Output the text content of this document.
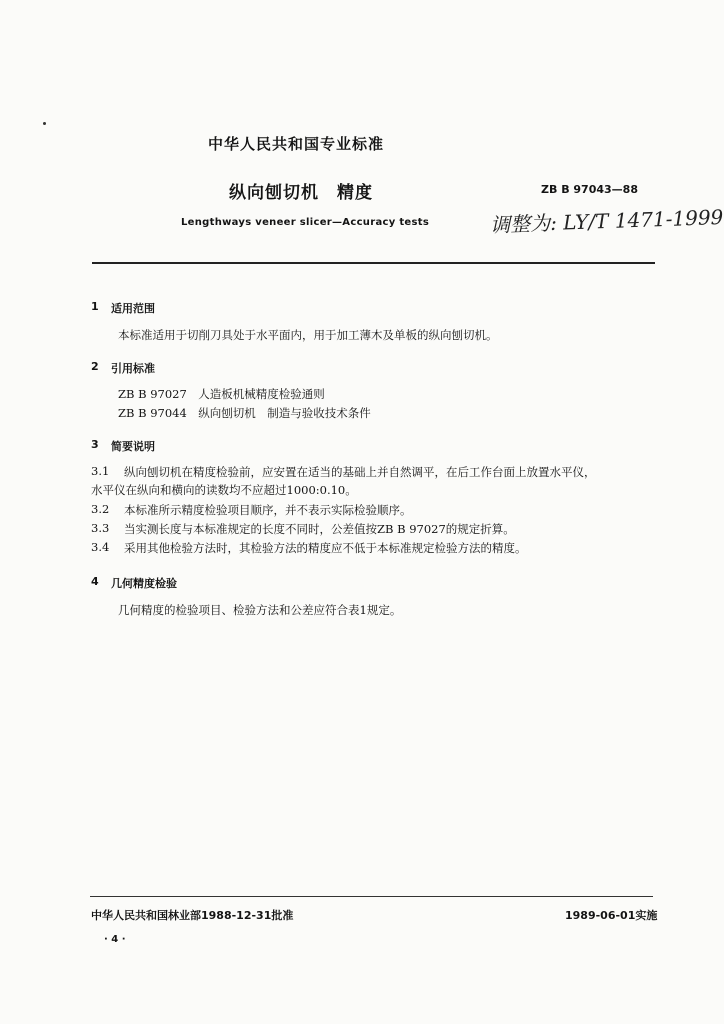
中华人民共和国专业标准
纵向刨切机　精度	ZB B 97043—88
Lengthways veneer slicer—Accuracy tests	调整为: LY/T 1471-1999
1 适用范围
本标准适用于切削刀具处于水平面内，用于加工薄木及单板的纵向刨切机。
2 引用标准
ZB B 97027　人造板机械精度检验通则
ZB B 97044　纵向刨切机　制造与验收技术条件
3 简要说明
3.1 纵向刨切机在精度检验前，应安置在适当的基础上并自然调平，在后工作台面上放置水平仪，
水平仪在纵向和横向的读数均不应超过1000:0.10。
3.2 本标准所示精度检验项目顺序，并不表示实际检验顺序。
3.3 当实测长度与本标准规定的长度不同时，公差值按ZB B 97027的规定折算。
3.4 采用其他检验方法时，其检验方法的精度应不低于本标准规定检验方法的精度。
4 几何精度检验
几何精度的检验项目、检验方法和公差应符合表1规定。
中华人民共和国林业部1988-12-31批准	1989-06-01实施
· 4 ·
